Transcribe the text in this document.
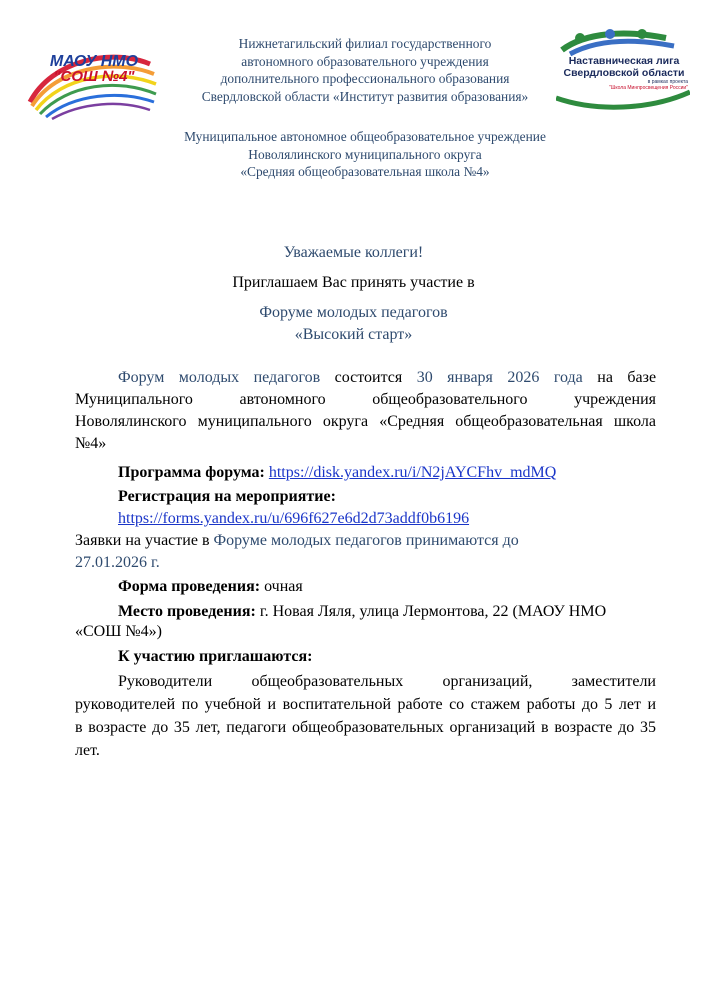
МАОУ НМО
"СОШ №4"
Наставническая лига
Свердловской области
в рамках проекта
"Школа Минпросвещения России"
Нижнетагильский филиал государственного
автономного образовательного учреждения
дополнительного профессионального образования
Свердловской области «Институт развития образования»
Муниципальное автономное общеобразовательное учреждение
Новолялинского муниципального округа
«Средняя общеобразовательная школа №4»
Уважаемые коллеги!
Приглашаем Вас принять участие в
Форуме молодых педагогов
«Высокий старт»
Форум молодых педагогов состоится 30 января 2026 года на базе
Муниципального автономного общеобразовательного учреждения
Новолялинского муниципального округа «Средняя общеобразовательная школа
№4»
Программа форума: https://disk.yandex.ru/i/N2jAYCFhv_mdMQ
Регистрация на мероприятие:
https://forms.yandex.ru/u/696f627e6d2d73addf0b6196
Заявки на участие в Форуме молодых педагогов принимаются до
27.01.2026 г.
Форма проведения: очная
Место проведения: г. Новая Ляля, улица Лермонтова, 22 (МАОУ НМО
«СОШ №4»)
К участию приглашаются:
Руководители общеобразовательных организаций, заместители
руководителей по учебной и воспитательной работе со стажем работы до 5 лет и
в возрасте до 35 лет, педагоги общеобразовательных организаций в возрасте до 35
лет.
